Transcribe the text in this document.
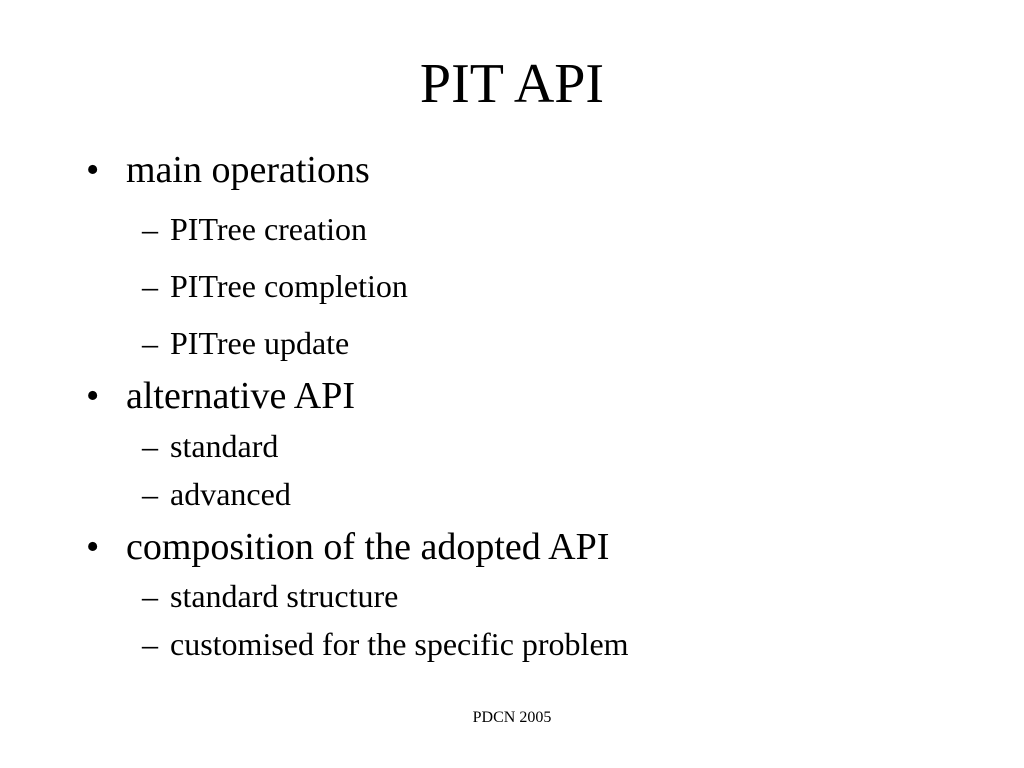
PIT API
• main operations
– PITree creation
– PITree completion
– PITree update
• alternative API
– standard
– advanced
• composition of the adopted API
– standard structure
– customised for the specific problem
PDCN 2005
